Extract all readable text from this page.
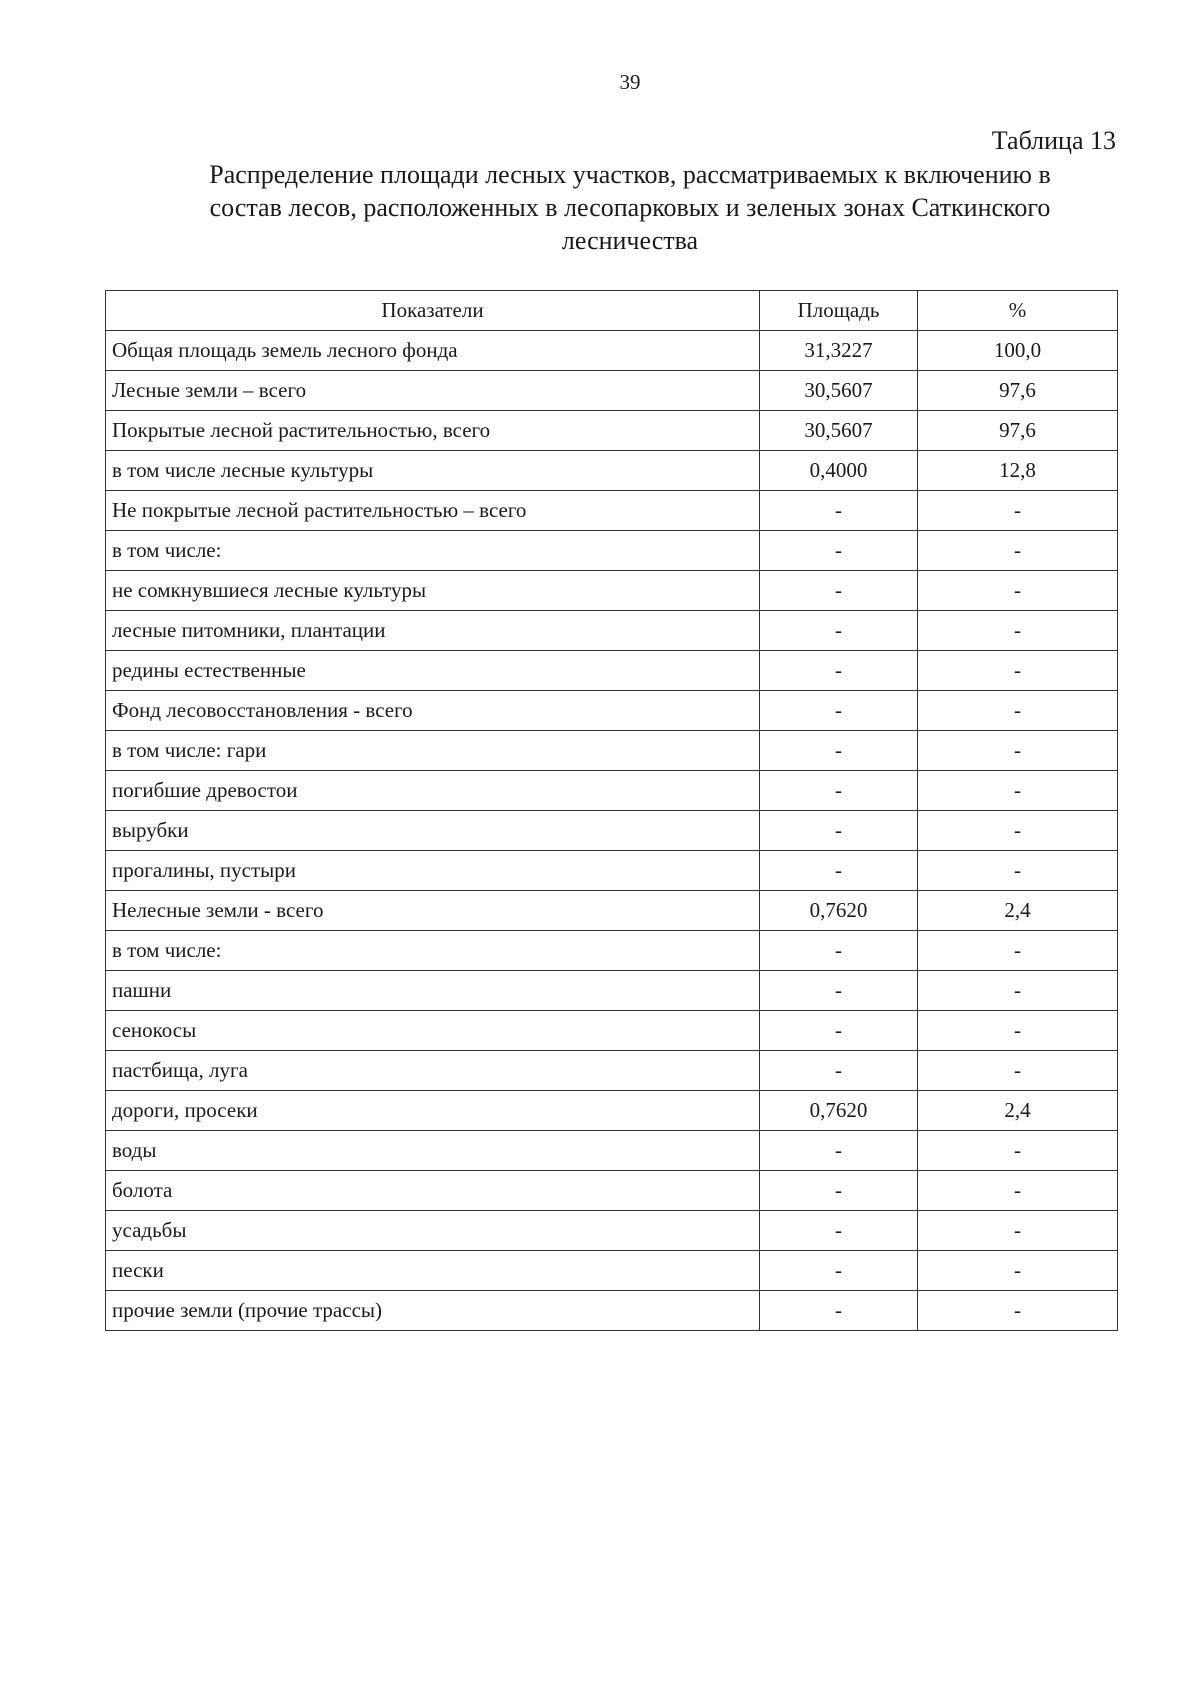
39
Таблица 13
Распределение площади лесных участков, рассматриваемых к включению в
состав лесов, расположенных в лесопарковых и зеленых зонах Саткинского
лесничества
Показатели	Площадь	%
Общая площадь земель лесного фонда	31,3227	100,0
Лесные земли – всего	30,5607	97,6
Покрытые лесной растительностью, всего	30,5607	97,6
в том числе лесные культуры	0,4000	12,8
Не покрытые лесной растительностью – всего	-	-
в том числе:	-	-
не сомкнувшиеся лесные культуры	-	-
лесные питомники, плантации	-	-
редины естественные	-	-
Фонд лесовосстановления - всего	-	-
в том числе: гари	-	-
погибшие древостои	-	-
вырубки	-	-
прогалины, пустыри	-	-
Нелесные земли - всего	0,7620	2,4
в том числе:	-	-
пашни	-	-
сенокосы	-	-
пастбища, луга	-	-
дороги, просеки	0,7620	2,4
воды	-	-
болота	-	-
усадьбы	-	-
пески	-	-
прочие земли (прочие трассы)	-	-
